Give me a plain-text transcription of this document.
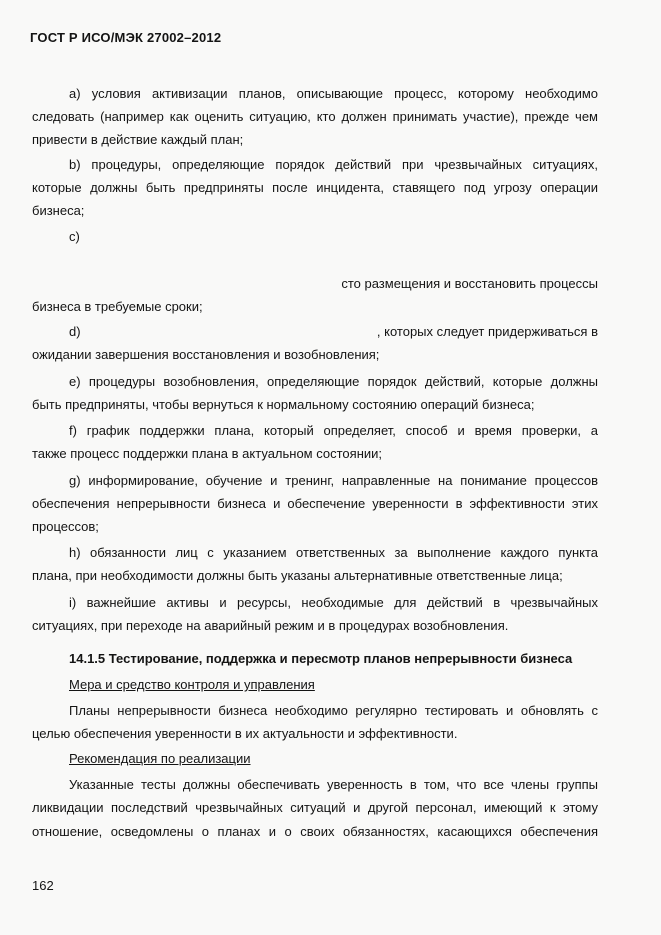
ГОСТ Р ИСО/МЭК 27002–2012
a) условия активизации планов, описывающие процесс, которому необходимо
следовать (например как оценить ситуацию, кто должен принимать участие), прежде чем
привести в действие каждый план;
b) процедуры, определяющие порядок действий при чрезвычайных ситуациях,
которые должны быть предприняты после инцидента, ставящего под угрозу операции
бизнеса;
c)
сто размещения и восстановить процессы
бизнеса в требуемые сроки;
d)	, которых следует придерживаться в
ожидании завершения восстановления и возобновления;
e) процедуры возобновления, определяющие порядок действий, которые должны
быть предприняты, чтобы вернуться к нормальному состоянию операций бизнеса;
f) график поддержки плана, который определяет, способ и время проверки, а
также процесс поддержки плана в актуальном состоянии;
g) информирование, обучение и тренинг, направленные на понимание процессов
обеспечения непрерывности бизнеса и обеспечение уверенности в эффективности этих
процессов;
h) обязанности лиц с указанием ответственных за выполнение каждого пункта
плана, при необходимости должны быть указаны альтернативные ответственные лица;
i) важнейшие активы и ресурсы, необходимые для действий в чрезвычайных
ситуациях, при переходе на аварийный режим и в процедурах возобновления.
14.1.5 Тестирование, поддержка и пересмотр планов непрерывности бизнеса
Мера и средство контроля и управления
Планы непрерывности бизнеса необходимо регулярно тестировать и обновлять с
целью обеспечения уверенности в их актуальности и эффективности.
Рекомендация по реализации
Указанные тесты должны обеспечивать уверенность в том, что все члены группы
ликвидации последствий чрезвычайных ситуаций и другой персонал, имеющий к этому
отношение, осведомлены о планах и о своих обязанностях, касающихся обеспечения
162
